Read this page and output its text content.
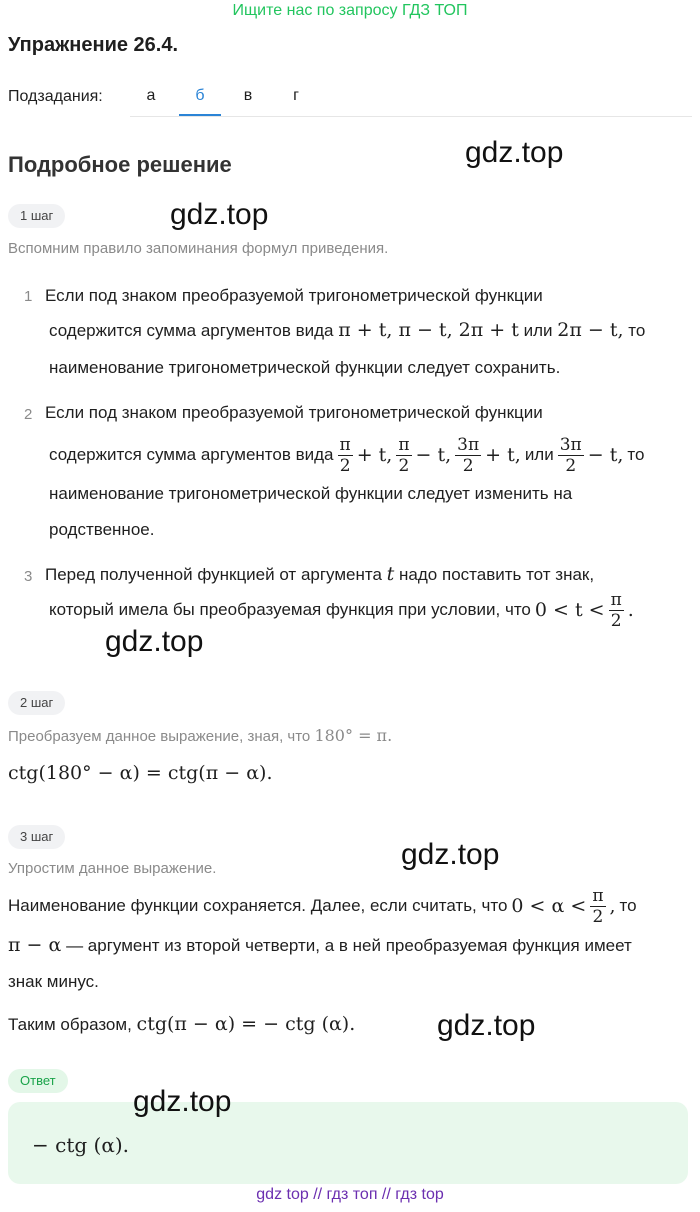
Ищите нас по запросу ГДЗ ТОП
Упражнение 26.4.
Подзадания:	а	б	в	г
Подробное решение
1 шаг
Вспомним правило запоминания формул приведения.
1 Если под знаком преобразуемой тригонометрической функции
содержится сумма аргументов вида π + t, π − t, 2π + t или 2π − t, то
наименование тригонометрической функции следует сохранить.
2 Если под знаком преобразуемой тригонометрической функции
содержится сумма аргументов вида $\frac{\pi}{2} + t$, $\frac{\pi}{2} - t$, $\frac{3\pi}{2} + t$, или $\frac{3\pi}{2} - t$, то
наименование тригонометрической функции следует изменить на
родственное.
3 Перед полученной функцией от аргумента t надо поставить тот знак,
который имела бы преобразуемая функция при условии, что $0 < t < \frac{\pi}{2}$ .
2 шаг
Преобразуем данное выражение, зная, что 180° = π.
ctg(180° − α) = ctg(π − α).
3 шаг
Упростим данное выражение.
Наименование функции сохраняется. Далее, если считать, что $0 < \alpha < \frac{\pi}{2}$ , то
π − α — аргумент из второй четверти, а в ней преобразуемая функция имеет
знак минус.
Таким образом, ctg(π − α) = − ctg (α).
Ответ
− ctg (α).
gdz.top
gdz.top
gdz.top
gdz.top
gdz.top
gdz.top
gdz top // гдз топ // гдз top
